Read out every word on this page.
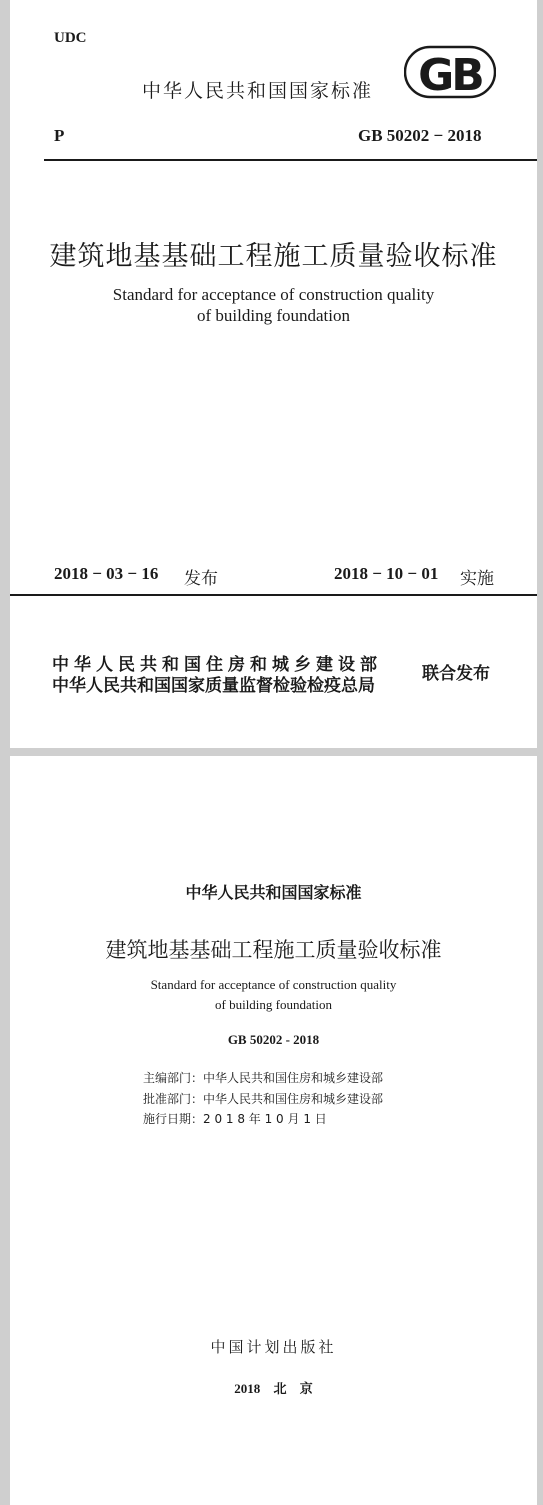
UDC
中华人民共和国国家标准 GB
P	GB 50202 − 2018
建筑地基基础工程施工质量验收标准
Standard for acceptance of construction quality
of building foundation
2018 − 03 − 16 发布	2018 − 10 − 01 实施
中华人民共和国住房和城乡建设部
中华人民共和国国家质量监督检验检疫总局
联合发布
中华人民共和国国家标准
建筑地基基础工程施工质量验收标准
Standard for acceptance of construction quality
of building foundation
GB 50202 - 2018
主编部门：中华人民共和国住房和城乡建设部
批准部门：中华人民共和国住房和城乡建设部
施行日期：2 0 1 8 年 1 0 月 1 日
中国计划出版社
2018 北 京
